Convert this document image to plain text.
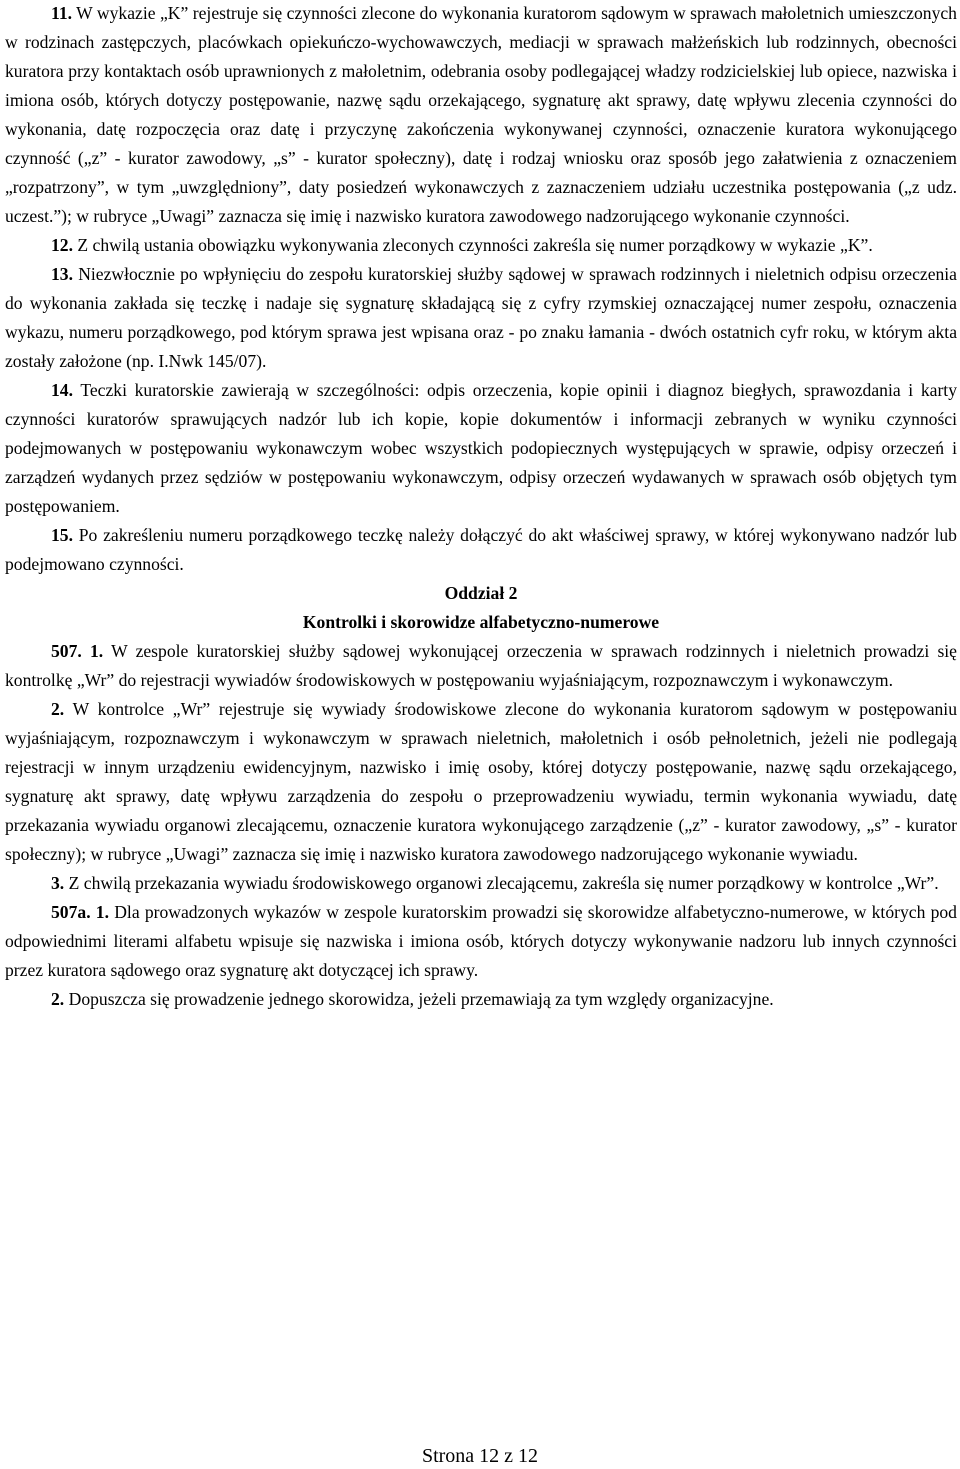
11. W wykazie „K” rejestruje się czynności zlecone do wykonania kuratorom sądowym w sprawach małoletnich umieszczonych w rodzinach zastępczych, placówkach opiekuńczo-wychowawczych, mediacji w sprawach małżeńskich lub rodzinnych, obecności kuratora przy kontaktach osób uprawnionych z małoletnim, odebrania osoby podlegającej władzy rodzicielskiej lub opiece, nazwiska i imiona osób, których dotyczy postępowanie, nazwę sądu orzekającego, sygnaturę akt sprawy, datę wpływu zlecenia czynności do wykonania, datę rozpoczęcia oraz datę i przyczynę zakończenia wykonywanej czynności, oznaczenie kuratora wykonującego czynność („z” - kurator zawodowy, „s” - kurator społeczny), datę i rodzaj wniosku oraz sposób jego załatwienia z oznaczeniem „rozpatrzony”, w tym „uwzględniony”, daty posiedzeń wykonawczych z zaznaczeniem udziału uczestnika postępowania („z udz. uczest.”); w rubryce „Uwagi” zaznacza się imię i nazwisko kuratora zawodowego nadzorującego wykonanie czynności.

12. Z chwilą ustania obowiązku wykonywania zleconych czynności zakreśla się numer porządkowy w wykazie „K”.

13. Niezwłocznie po wpłynięciu do zespołu kuratorskiej służby sądowej w sprawach rodzinnych i nieletnich odpisu orzeczenia do wykonania zakłada się teczkę i nadaje się sygnaturę składającą się z cyfry rzymskiej oznaczającej numer zespołu, oznaczenia wykazu, numeru porządkowego, pod którym sprawa jest wpisana oraz - po znaku łamania - dwóch ostatnich cyfr roku, w którym akta zostały założone (np. I.Nwk 145/07).

14. Teczki kuratorskie zawierają w szczególności: odpis orzeczenia, kopie opinii i diagnoz biegłych, sprawozdania i karty czynności kuratorów sprawujących nadzór lub ich kopie, kopie dokumentów i informacji zebranych w wyniku czynności podejmowanych w postępowaniu wykonawczym wobec wszystkich podopiecznych występujących w sprawie, odpisy orzeczeń i zarządzeń wydanych przez sędziów w postępowaniu wykonawczym, odpisy orzeczeń wydawanych w sprawach osób objętych tym postępowaniem.

15. Po zakreśleniu numeru porządkowego teczkę należy dołączyć do akt właściwej sprawy, w której wykonywano nadzór lub podejmowano czynności.

Oddział 2

Kontrolki i skorowidze alfabetyczno-numerowe

507. 1. W zespole kuratorskiej służby sądowej wykonującej orzeczenia w sprawach rodzinnych i nieletnich prowadzi się kontrolkę „Wr” do rejestracji wywiadów środowiskowych w postępowaniu wyjaśniającym, rozpoznawczym i wykonawczym.

2. W kontrolce „Wr” rejestruje się wywiady środowiskowe zlecone do wykonania kuratorom sądowym w postępowaniu wyjaśniającym, rozpoznawczym i wykonawczym w sprawach nieletnich, małoletnich i osób pełnoletnich, jeżeli nie podlegają rejestracji w innym urządzeniu ewidencyjnym, nazwisko i imię osoby, której dotyczy postępowanie, nazwę sądu orzekającego, sygnaturę akt sprawy, datę wpływu zarządzenia do zespołu o przeprowadzeniu wywiadu, termin wykonania wywiadu, datę przekazania wywiadu organowi zlecającemu, oznaczenie kuratora wykonującego zarządzenie („z” - kurator zawodowy, „s” - kurator społeczny); w rubryce „Uwagi” zaznacza się imię i nazwisko kuratora zawodowego nadzorującego wykonanie wywiadu.

3. Z chwilą przekazania wywiadu środowiskowego organowi zlecającemu, zakreśla się numer porządkowy w kontrolce „Wr”.

507a. 1. Dla prowadzonych wykazów w zespole kuratorskim prowadzi się skorowidze alfabetyczno-numerowe, w których pod odpowiednimi literami alfabetu wpisuje się nazwiska i imiona osób, których dotyczy wykonywanie nadzoru lub innych czynności przez kuratora sądowego oraz sygnaturę akt dotyczącej ich sprawy.

2. Dopuszcza się prowadzenie jednego skorowidza, jeżeli przemawiają za tym względy organizacyjne.

Strona 12 z 12
